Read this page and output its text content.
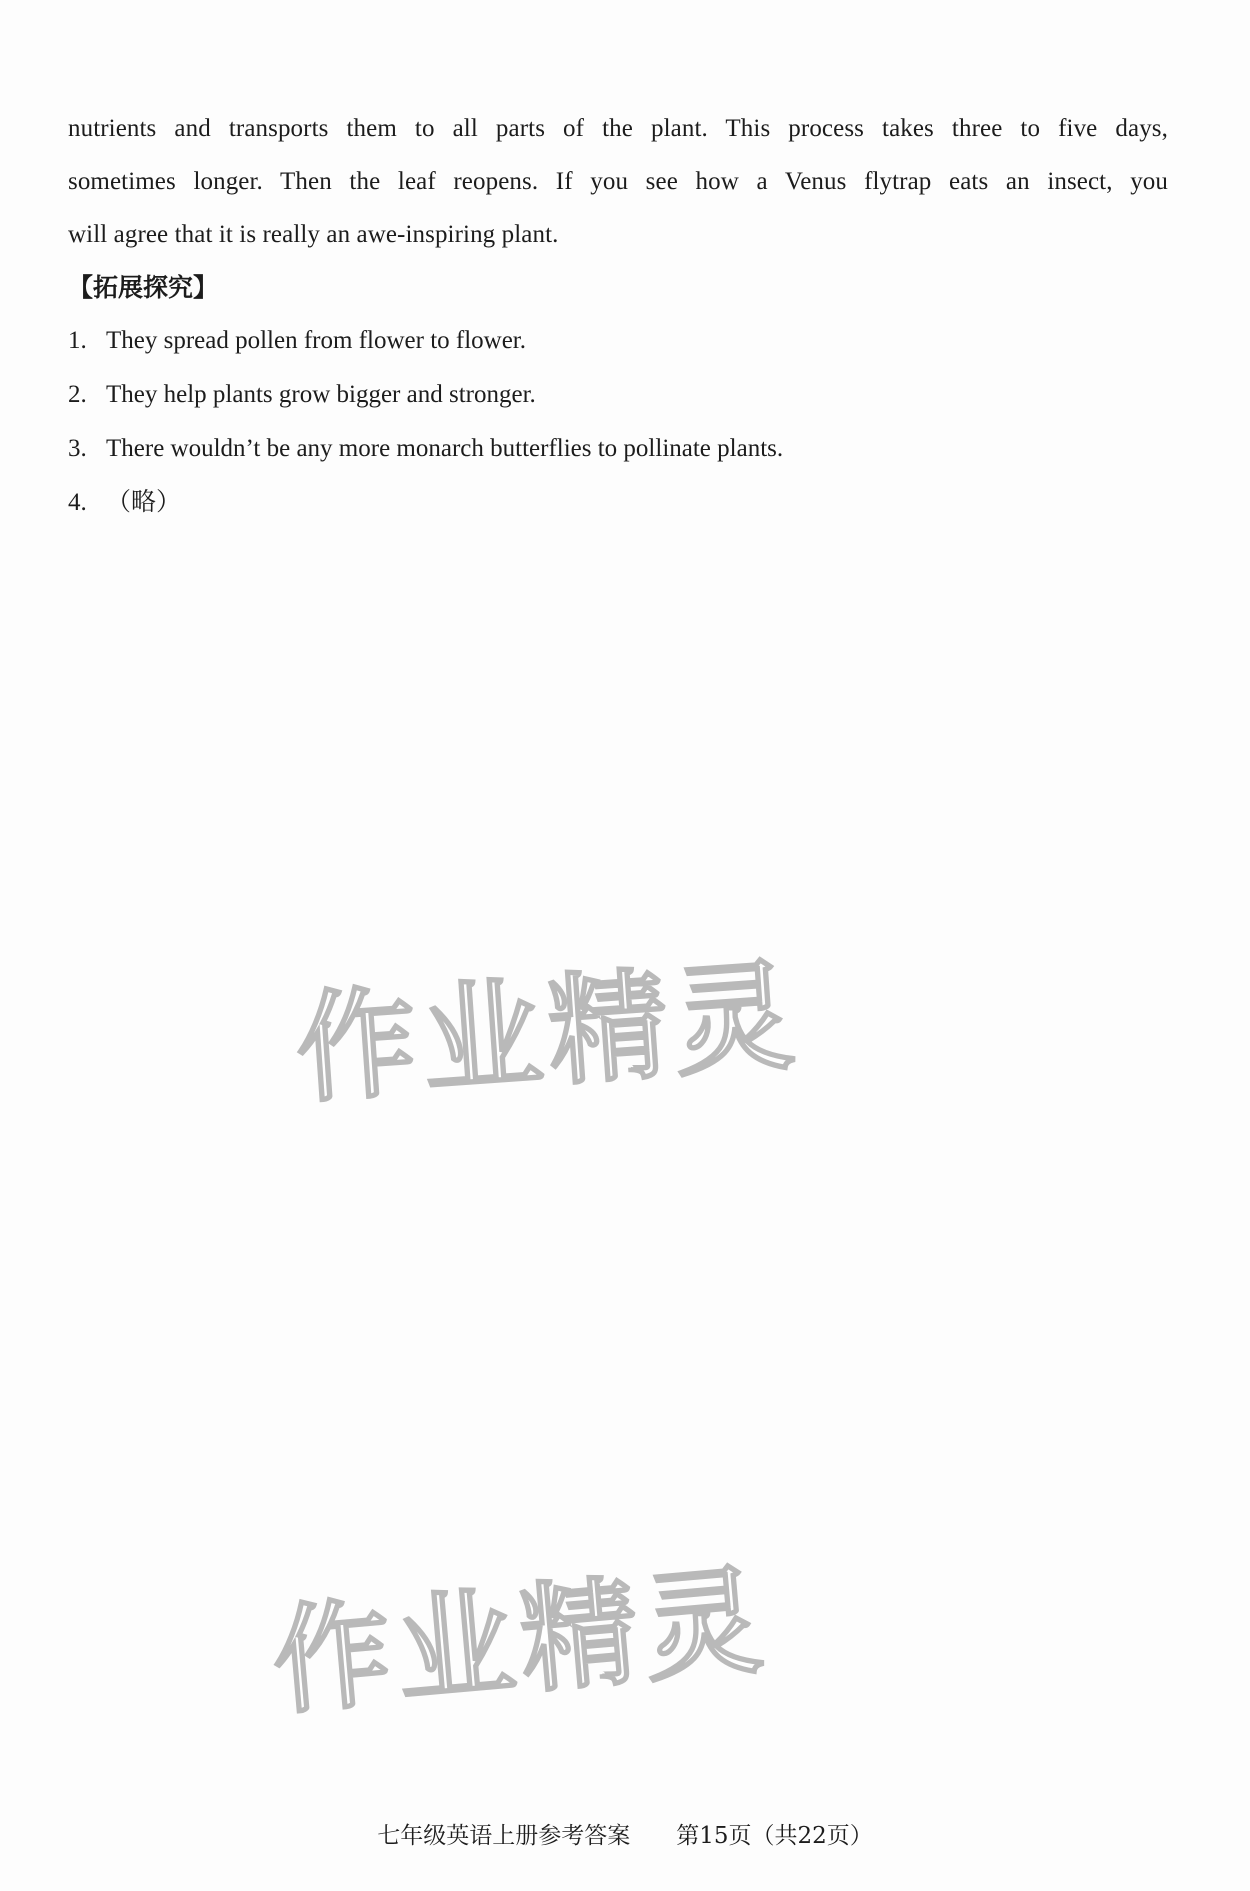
nutrients and transports them to all parts of the plant. This process takes three to five days,
sometimes longer. Then the leaf reopens. If you see how a Venus flytrap eats an insect, you
will agree that it is really an awe-inspiring plant.
【拓展探究】
1. They spread pollen from flower to flower.
2. They help plants grow bigger and stronger.
3. There wouldn’t be any more monarch butterflies to pollinate plants.
4. （略）
作业精灵
作业精灵
七年级英语上册参考答案 第15页（共22页）
